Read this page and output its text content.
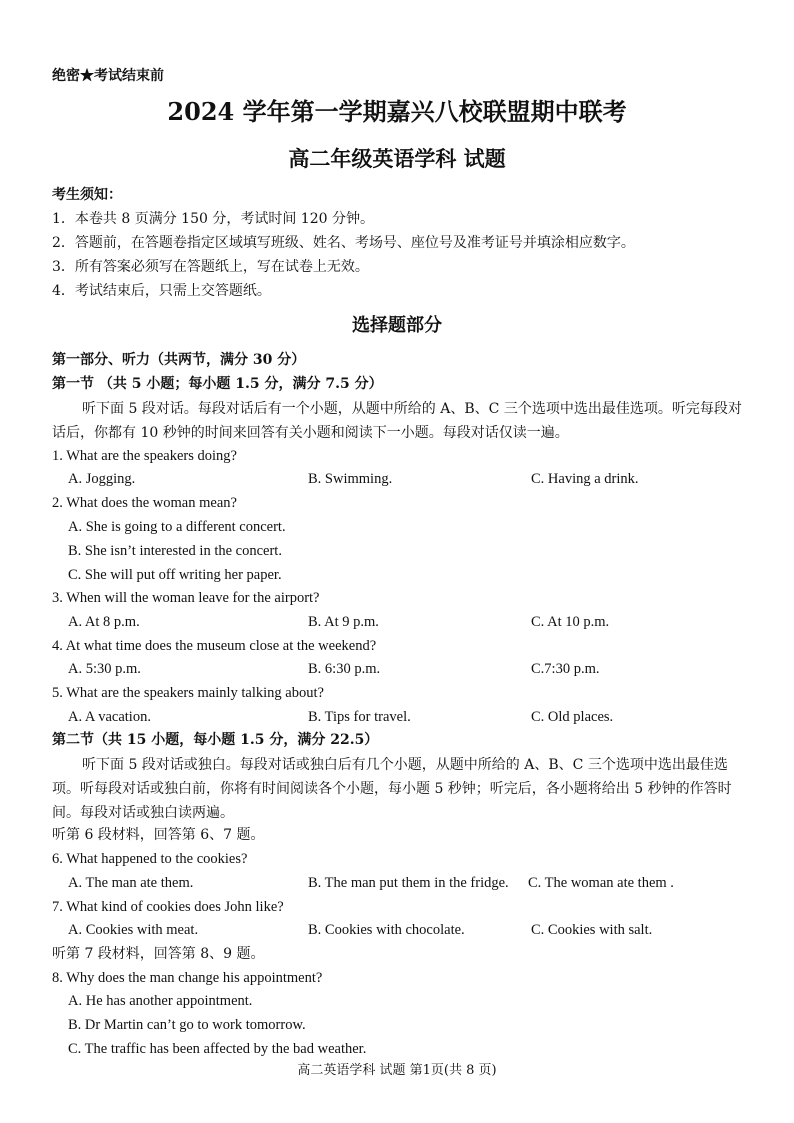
绝密★考试结束前
2024 学年第一学期嘉兴八校联盟期中联考
高二年级英语学科 试题
考生须知：
1．本卷共 8 页满分 150 分，考试时间 120 分钟。
2．答题前，在答题卷指定区域填写班级、姓名、考场号、座位号及准考证号并填涂相应数字。
3．所有答案必须写在答题纸上，写在试卷上无效。
4．考试结束后，只需上交答题纸。
选择题部分
第一部分、听力（共两节，满分 30 分）
第一节 （共 5 小题；每小题 1.5 分，满分 7.5 分）
听下面 5 段对话。每段对话后有一个小题，从题中所给的 A、B、C 三个选项中选出最佳选项。听完每段对话后，你都有 10 秒钟的时间来回答有关小题和阅读下一小题。每段对话仅读一遍。
1. What are the speakers doing?
A. Jogging.	B. Swimming.	C. Having a drink.
2. What does the woman mean?
A. She is going to a different concert.
B. She isn’t interested in the concert.
C. She will put off writing her paper.
3. When will the woman leave for the airport?
A. At 8 p.m.	B. At 9 p.m.	C. At 10 p.m.
4. At what time does the museum close at the weekend?
A. 5:30 p.m.	B. 6:30 p.m.	C.7:30 p.m.
5. What are the speakers mainly talking about?
A. A vacation.	B. Tips for travel.	C. Old places.
第二节（共 15 小题，每小题 1.5 分，满分 22.5）
听下面 5 段对话或独白。每段对话或独白后有几个小题，从题中所给的 A、B、C 三个选项中选出最佳选项。听每段对话或独白前，你将有时间阅读各个小题，每小题 5 秒钟；听完后，各小题将给出 5 秒钟的作答时间。每段对话或独白读两遍。
听第 6 段材料，回答第 6、7 题。
6. What happened to the cookies?
A. The man ate them.	B. The man put them in the fridge. C. The woman ate them .
7. What kind of cookies does John like?
A. Cookies with meat.	B. Cookies with chocolate.	C. Cookies with salt.
听第 7 段材料，回答第 8、9 题。
8. Why does the man change his appointment?
A. He has another appointment.
B. Dr Martin can’t go to work tomorrow.
C. The traffic has been affected by the bad weather.
高二英语学科 试题 第1页(共 8 页)
